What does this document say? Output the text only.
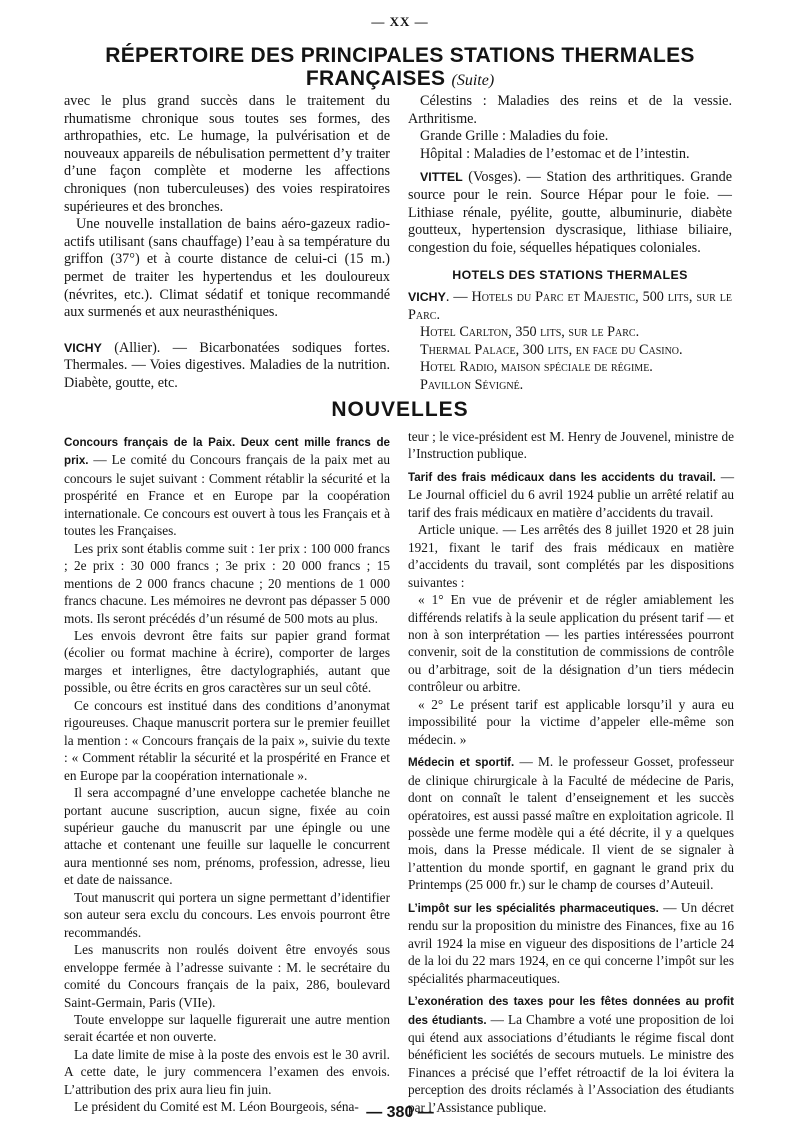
— XX —
RÉPERTOIRE DES PRINCIPALES STATIONS THERMALES
FRANÇAISES (Suite)

avec le plus grand succès dans le traitement du rhumatisme chronique sous toutes ses formes, des arthropathies, etc. Le humage, la pulvérisation et de nouveaux appareils de nébulisation permettent d’y traiter d’une façon complète et moderne les affections chroniques (non tuberculeuses) des voies respiratoires supérieures et des bronches.

Une nouvelle installation de bains aéro-gazeux radio-actifs utilisant (sans chauffage) l’eau à sa température du griffon (37°) et à courte distance de celui-ci (15 m.) permet de traiter les hypertendus et les douloureux (névrites, etc.). Climat sédatif et tonique recommandé aux surmenés et aux neurasthéniques.

VICHY (Allier). — Bicarbonatées sodiques fortes. Thermales. — Voies digestives. Maladies de la nutrition. Diabète, goutte, etc.

Célestins : Maladies des reins et de la vessie. Arthritisme.

Grande Grille : Maladies du foie.

Hôpital : Maladies de l’estomac et de l’intestin.

VITTEL (Vosges). — Station des arthritiques. Grande source pour le rein. Source Hépar pour le foie. — Lithiase rénale, pyélite, goutte, albuminurie, diabète goutteux, hypertension dyscrasique, lithiase biliaire, congestion du foie, séquelles hépatiques coloniales.

HOTELS DES STATIONS THERMALES

VICHY. — Hotels du Parc et Majestic, 500 lits, sur le Parc.

Hotel Carlton, 350 lits, sur le Parc.

Thermal Palace, 300 lits, en face du Casino.

Hotel Radio, maison spéciale de régime.

Pavillon Sévigné.

NOUVELLES

Concours français de la Paix. Deux cent mille francs de prix. — Le comité du Concours français de la paix met au concours le sujet suivant : Comment rétablir la sécurité et la prospérité en France et en Europe par la coopération internationale. Ce concours est ouvert à tous les Français et à toutes les Françaises.

Les prix sont établis comme suit : 1er prix : 100 000 francs ; 2e prix : 30 000 francs ; 3e prix : 20 000 francs ; 15 mentions de 2 000 francs chacune ; 20 mentions de 1 000 francs chacune. Les mémoires ne devront pas dépasser 5 000 mots. Ils seront précédés d’un résumé de 500 mots au plus.

Les envois devront être faits sur papier grand format (écolier ou format machine à écrire), comporter de larges marges et interlignes, être dactylographiés, autant que possible, ou être écrits en gros caractères sur un seul côté.

Ce concours est institué dans des conditions d’anonymat rigoureuses. Chaque manuscrit portera sur le premier feuillet la mention : « Concours français de la paix », suivie du texte : « Comment rétablir la sécurité et la prospérité en France et en Europe par la coopération internationale ».

Il sera accompagné d’une enveloppe cachetée blanche ne portant aucune suscription, aucun signe, fixée au coin supérieur gauche du manuscrit par une épingle ou une attache et contenant une feuille sur laquelle le concurrent aura mentionné ses nom, prénoms, profession, adresse, lieu et date de naissance.

Tout manuscrit qui portera un signe permettant d’identifier son auteur sera exclu du concours. Les envois pourront être recommandés.

Les manuscrits non roulés doivent être envoyés sous enveloppe fermée à l’adresse suivante : M. le secrétaire du comité du Concours français de la paix, 286, boulevard Saint-Germain, Paris (VIIe).

Toute enveloppe sur laquelle figurerait une autre mention serait écartée et non ouverte.

La date limite de mise à la poste des envois est le 30 avril. A cette date, le jury commencera l’examen des envois. L’attribution des prix aura lieu fin juin.

Le président du Comité est M. Léon Bourgeois, séna-

teur ; le vice-président est M. Henry de Jouvenel, ministre de l’Instruction publique.

Tarif des frais médicaux dans les accidents du travail. — Le Journal officiel du 6 avril 1924 publie un arrêté relatif au tarif des frais médicaux en matière d’accidents du travail.

Article unique. — Les arrêtés des 8 juillet 1920 et 28 juin 1921, fixant le tarif des frais médicaux en matière d’accidents du travail, sont complétés par les dispositions suivantes :

« 1° En vue de prévenir et de régler amiablement les différends relatifs à la seule application du présent tarif — et non à son interprétation — les parties intéressées pourront convenir, soit de la constitution de commissions de contrôle ou d’arbitrage, soit de la désignation d’un tiers médecin contrôleur ou arbitre.

« 2° Le présent tarif est applicable lorsqu’il y aura eu impossibilité pour la victime d’appeler elle-même son médecin. »

Médecin et sportif. — M. le professeur Gosset, professeur de clinique chirurgicale à la Faculté de médecine de Paris, dont on connaît le talent d’enseignement et les succès opératoires, est aussi passé maître en exploitation agricole. Il possède une ferme modèle qui a été décrite, il y a quelques mois, dans la Presse médicale. Il vient de se signaler à l’attention du monde sportif, en gagnant le grand prix du Printemps (25 000 fr.) sur le champ de courses d’Auteuil.

L’impôt sur les spécialités pharmaceutiques. — Un décret rendu sur la proposition du ministre des Finances, fixe au 16 avril 1924 la mise en vigueur des dispositions de l’article 24 de la loi du 22 mars 1924, en ce qui concerne l’impôt sur les spécialités pharmaceutiques.

L’exonération des taxes pour les fêtes données au profit des étudiants. — La Chambre a voté une proposition de loi qui étend aux associations d’étudiants le régime fiscal dont bénéficient les sociétés de secours mutuels. Le ministre des Finances a précisé que l’effet rétroactif de la loi évitera la perception des droits réclamés à l’Association des étudiants par l’Assistance publique.

— 380 —
